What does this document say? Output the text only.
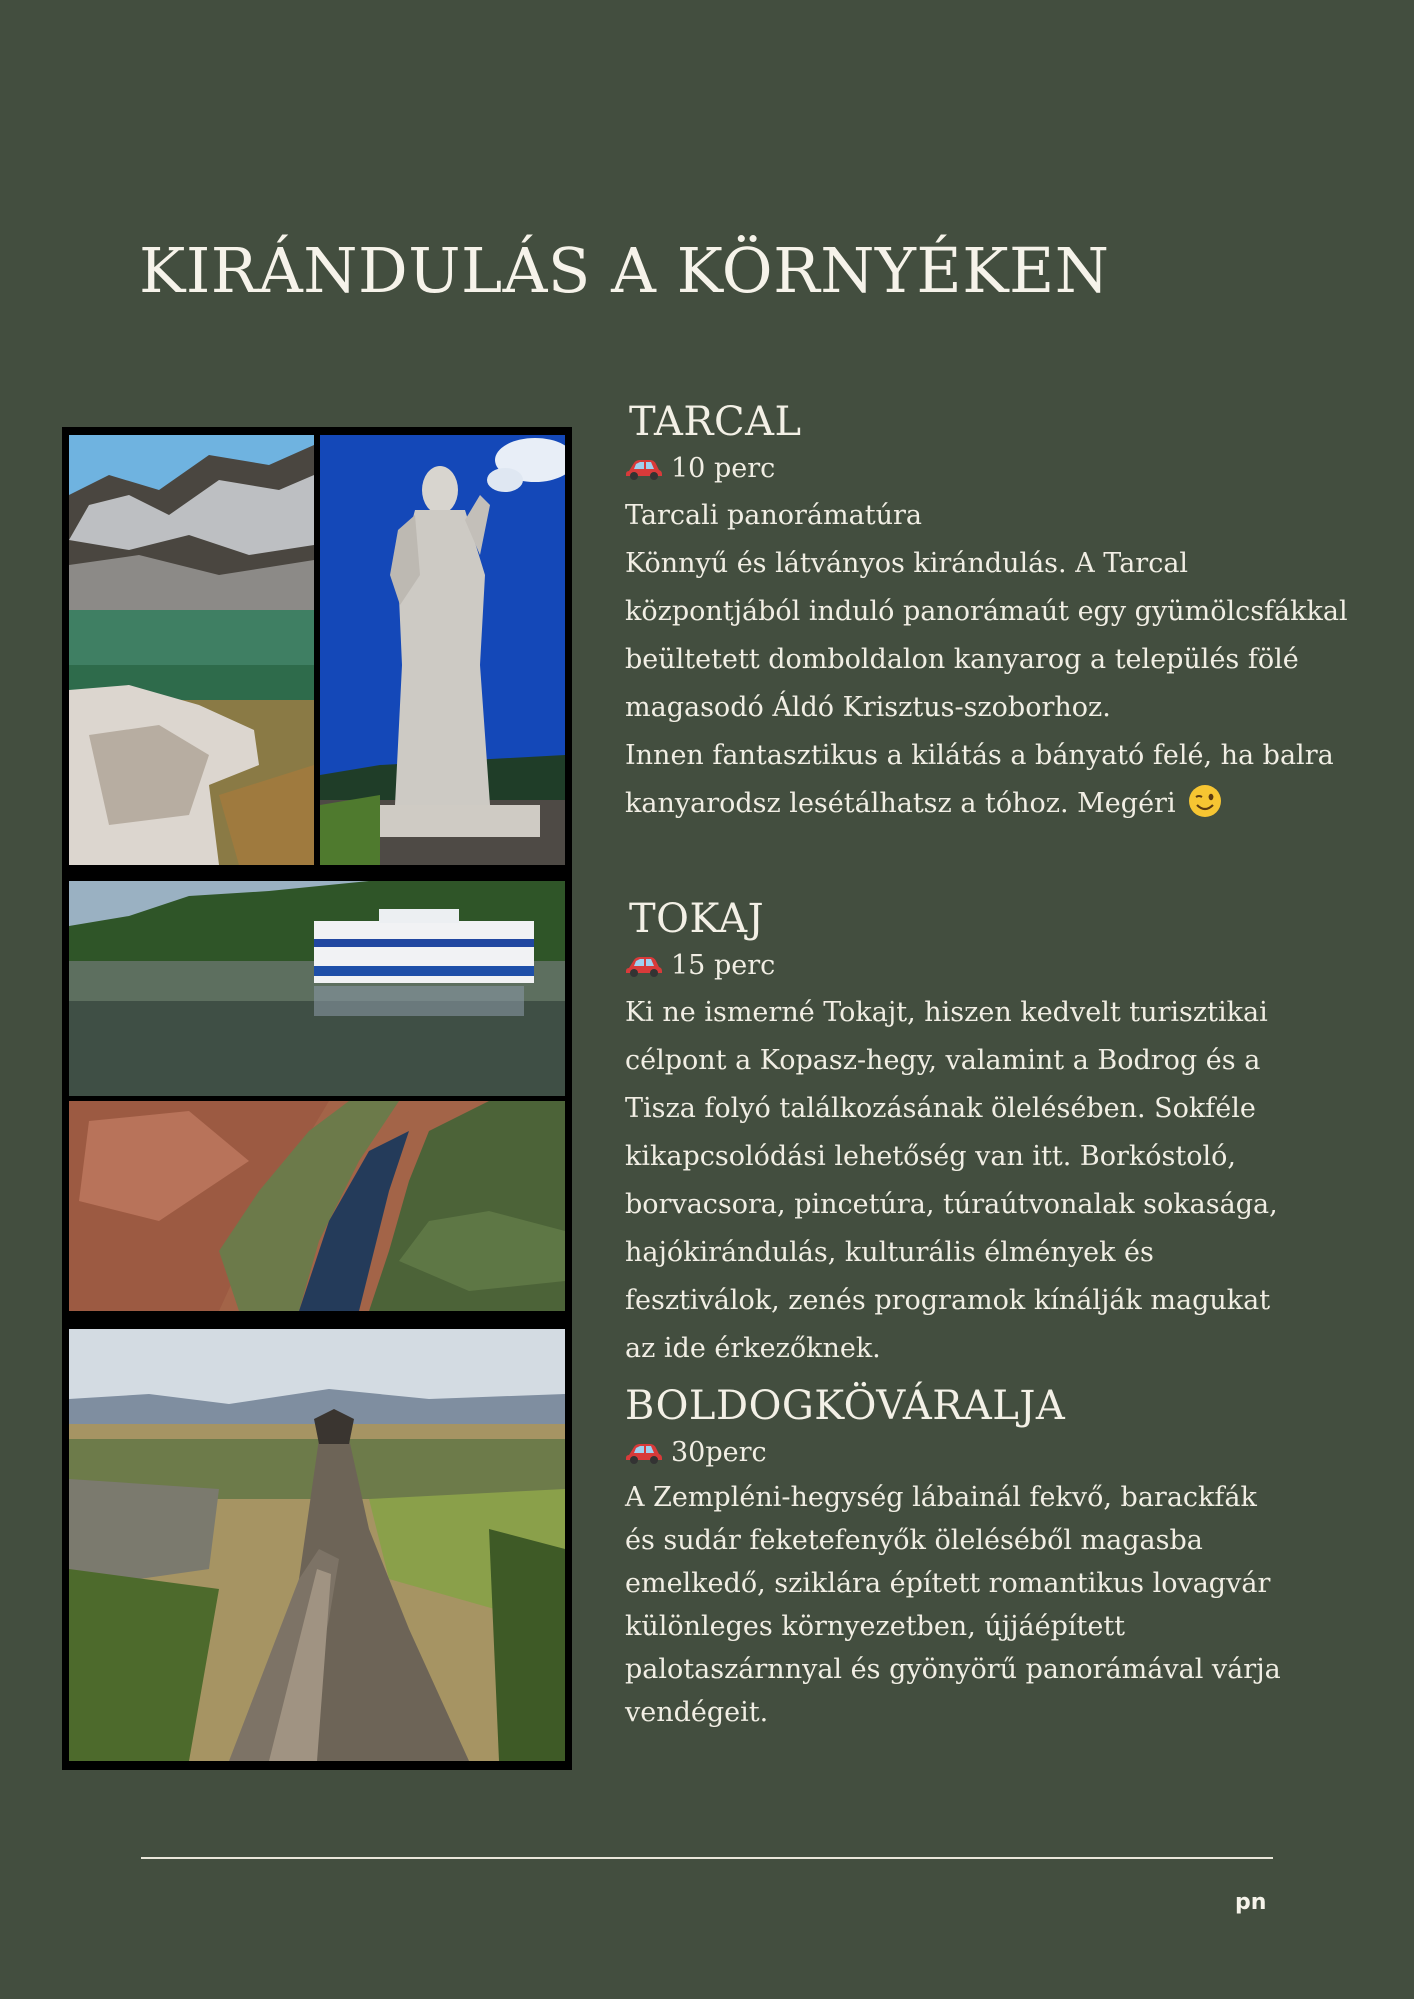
KIRÁNDULÁS A KÖRNYÉKEN
TARCAL
10 perc

Tarcali panorámatúra
Könnyű és látványos kirándulás. A Tarcal
központjából induló panorámaút egy gyümölcsfákkal
beültetett domboldalon kanyarog a település fölé
magasodó Áldó Krisztus-szoborhoz.
Innen fantasztikus a kilátás a bányató felé, ha balra
kanyarodsz lesétálhatsz a tóhoz. Megéri

TOKAJ
15 perc

Ki ne ismerné Tokajt, hiszen kedvelt turisztikai
célpont a Kopasz-hegy, valamint a Bodrog és a
Tisza folyó találkozásának ölelésében. Sokféle
kikapcsolódási lehetőség van itt. Borkóstoló,
borvacsora, pincetúra, túraútvonalak sokasága,
hajókirándulás, kulturális élmények és
fesztiválok, zenés programok kínálják magukat
az ide érkezőknek.

BOLDOGKÖVÁRALJA
30perc

A Zempléni-hegység lábainál fekvő, barackfák
és sudár feketefenyők öleléséből magasba
emelkedő, sziklára épített romantikus lovagvár
különleges környezetben, újjáépített
palotaszárnnyal és gyönyörű panorámával várja
vendégeit.

pn
